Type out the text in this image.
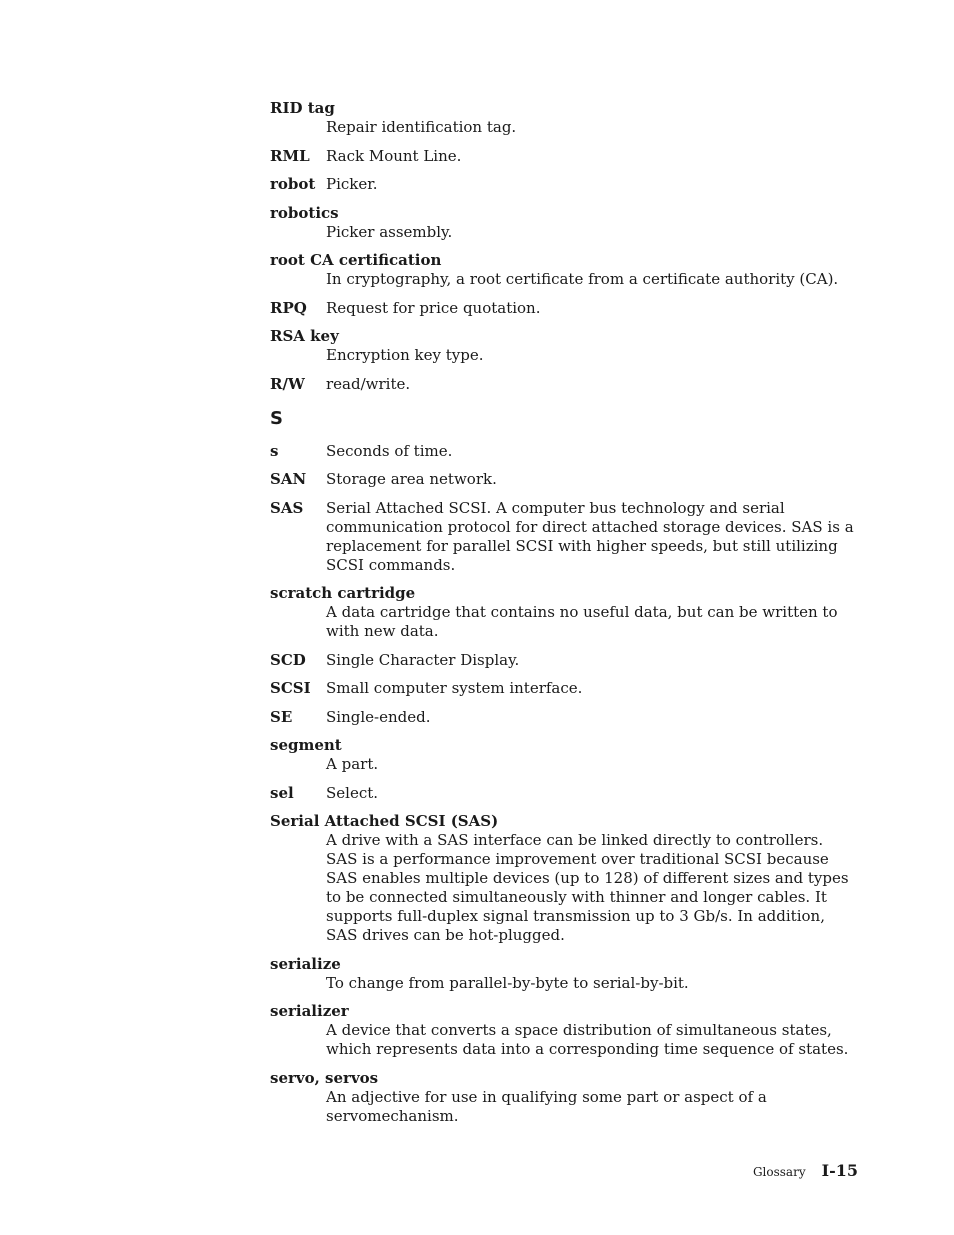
RID tag
Repair identification tag.
RML	Rack Mount Line.
robot Picker.
robotics
Picker assembly.
root CA certification
In cryptography, a root certificate from a certificate authority (CA).
RPQ	Request for price quotation.
RSA key
Encryption key type.
R/W	read/write.
S
s	Seconds of time.
SAN	Storage area network.
SAS	Serial Attached SCSI. A computer bus technology and serial communication protocol for direct attached storage devices. SAS is a replacement for parallel SCSI with higher speeds, but still utilizing SCSI commands.
scratch cartridge
A data cartridge that contains no useful data, but can be written to with new data.
SCD	Single Character Display.
SCSI	Small computer system interface.
SE	Single-ended.
segment
A part.
sel	Select.
Serial Attached SCSI (SAS)
A drive with a SAS interface can be linked directly to controllers. SAS is a performance improvement over traditional SCSI because SAS enables multiple devices (up to 128) of different sizes and types to be connected simultaneously with thinner and longer cables. It supports full-duplex signal transmission up to 3 Gb/s. In addition, SAS drives can be hot-plugged.
serialize
To change from parallel-by-byte to serial-by-bit.
serializer
A device that converts a space distribution of simultaneous states, which represents data into a corresponding time sequence of states.
servo, servos
An adjective for use in qualifying some part or aspect of a servomechanism.
Glossary I-15
